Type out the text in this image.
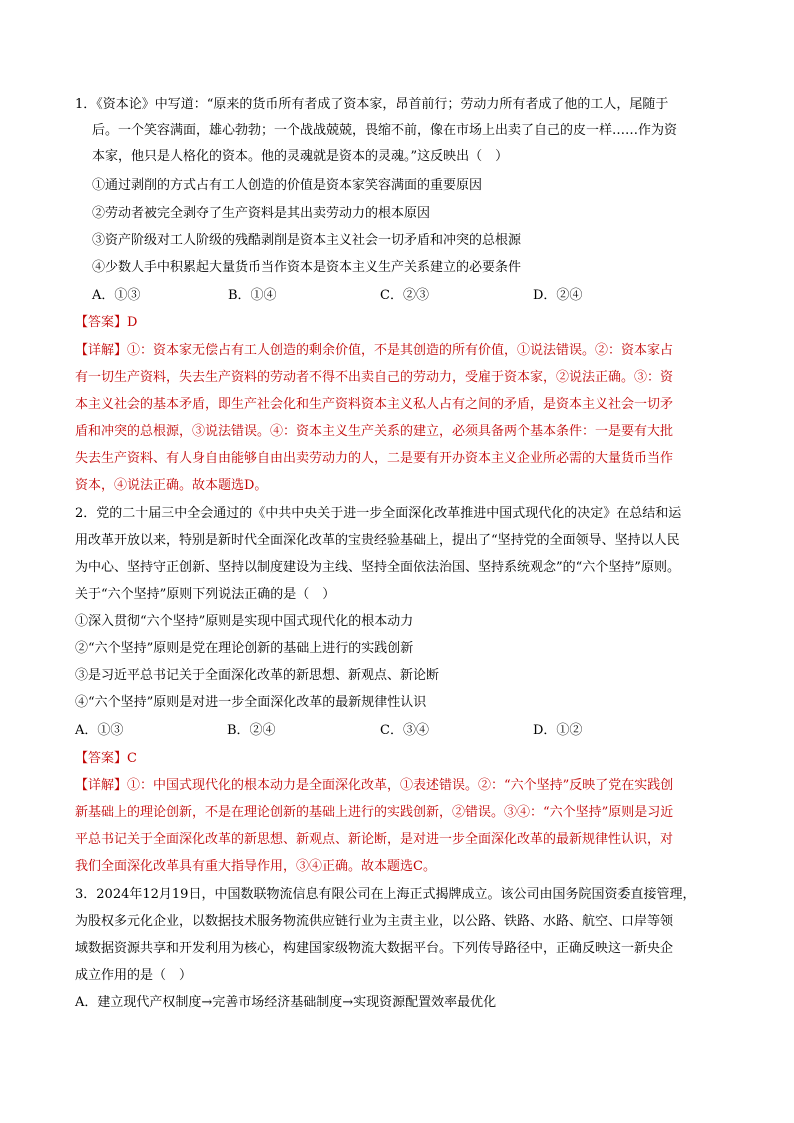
1．《资本论》中写道：“原来的货币所有者成了资本家，昂首前行；劳动力所有者成了他的工人，尾随于
后。一个笑容满面，雄心勃勃；一个战战兢兢，畏缩不前，像在市场上出卖了自己的皮一样……作为资
本家，他只是人格化的资本。他的灵魂就是资本的灵魂。”这反映出（　）
①通过剥削的方式占有工人创造的价值是资本家笑容满面的重要原因
②劳动者被完全剥夺了生产资料是其出卖劳动力的根本原因
③资产阶级对工人阶级的残酷剥削是资本主义社会一切矛盾和冲突的总根源
④少数人手中积累起大量货币当作资本是资本主义生产关系建立的必要条件
A．①③	B．①④	C．②③	D．②④
【答案】D
【详解】①：资本家无偿占有工人创造的剩余价值，不是其创造的所有价值，①说法错误。②：资本家占
有一切生产资料，失去生产资料的劳动者不得不出卖自己的劳动力，受雇于资本家，②说法正确。③：资
本主义社会的基本矛盾，即生产社会化和生产资料资本主义私人占有之间的矛盾，是资本主义社会一切矛
盾和冲突的总根源，③说法错误。④：资本主义生产关系的建立，必须具备两个基本条件：一是要有大批
失去生产资料、有人身自由能够自由出卖劳动力的人，二是要有开办资本主义企业所必需的大量货币当作
资本，④说法正确。故本题选D。
2．党的二十届三中全会通过的《中共中央关于进一步全面深化改革推进中国式现代化的决定》在总结和运
用改革开放以来，特别是新时代全面深化改革的宝贵经验基础上，提出了“坚持党的全面领导、坚持以人民
为中心、坚持守正创新、坚持以制度建设为主线、坚持全面依法治国、坚持系统观念”的“六个坚持”原则。
关于“六个坚持”原则下列说法正确的是（　）
①深入贯彻“六个坚持”原则是实现中国式现代化的根本动力
②“六个坚持”原则是党在理论创新的基础上进行的实践创新
③是习近平总书记关于全面深化改革的新思想、新观点、新论断
④“六个坚持”原则是对进一步全面深化改革的最新规律性认识
A．①③	B．②④	C．③④	D．①②
【答案】C
【详解】①：中国式现代化的根本动力是全面深化改革，①表述错误。②：“六个坚持”反映了党在实践创
新基础上的理论创新，不是在理论创新的基础上进行的实践创新，②错误。③④：“六个坚持”原则是习近
平总书记关于全面深化改革的新思想、新观点、新论断，是对进一步全面深化改革的最新规律性认识，对
我们全面深化改革具有重大指导作用，③④正确。故本题选C。
3．2024年12月19日，中国数联物流信息有限公司在上海正式揭牌成立。该公司由国务院国资委直接管理，
为股权多元化企业，以数据技术服务物流供应链行业为主责主业，以公路、铁路、水路、航空、口岸等领
域数据资源共享和开发利用为核心，构建国家级物流大数据平台。下列传导路径中，正确反映这一新央企
成立作用的是（　）
A．建立现代产权制度→完善市场经济基础制度→实现资源配置效率最优化
